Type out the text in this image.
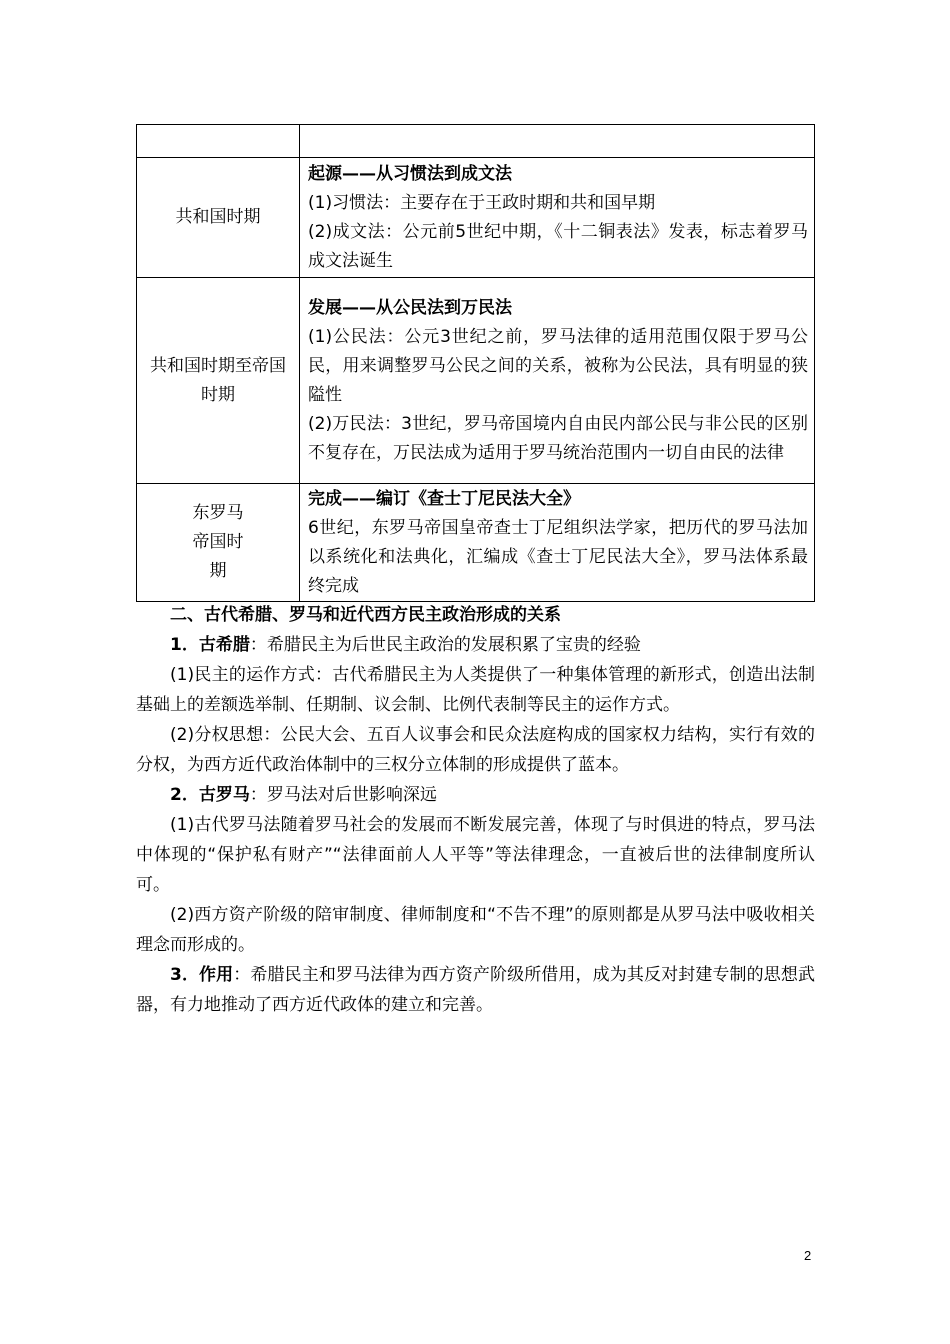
共和国时期	起源——从习惯法到成文法
(1)习惯法：主要存在于王政时期和共和国早期
(2)成文法：公元前5世纪中期，《十二铜表法》发表，标志着罗马成文法诞生

共和国时期至帝国时期	发展——从公民法到万民法
(1)公民法：公元3世纪之前，罗马法律的适用范围仅限于罗马公民，用来调整罗马公民之间的关系，被称为公民法，具有明显的狭隘性
(2)万民法：3世纪，罗马帝国境内自由民内部公民与非公民的区别不复存在，万民法成为适用于罗马统治范围内一切自由民的法律

东罗马帝国时期	完成——编订《查士丁尼民法大全》
6世纪，东罗马帝国皇帝查士丁尼组织法学家，把历代的罗马法加以系统化和法典化，汇编成《查士丁尼民法大全》，罗马法体系最终完成

二、古代希腊、罗马和近代西方民主政治形成的关系

1．古希腊：希腊民主为后世民主政治的发展积累了宝贵的经验

(1)民主的运作方式：古代希腊民主为人类提供了一种集体管理的新形式，创造出法制基础上的差额选举制、任期制、议会制、比例代表制等民主的运作方式。

(2)分权思想：公民大会、五百人议事会和民众法庭构成的国家权力结构，实行有效的分权，为西方近代政治体制中的三权分立体制的形成提供了蓝本。

2．古罗马：罗马法对后世影响深远

(1)古代罗马法随着罗马社会的发展而不断发展完善，体现了与时俱进的特点，罗马法中体现的“保护私有财产”“法律面前人人平等”等法律理念，一直被后世的法律制度所认可。

(2)西方资产阶级的陪审制度、律师制度和“不告不理”的原则都是从罗马法中吸收相关理念而形成的。

3．作用：希腊民主和罗马法律为西方资产阶级所借用，成为其反对封建专制的思想武器，有力地推动了西方近代政体的建立和完善。

2
